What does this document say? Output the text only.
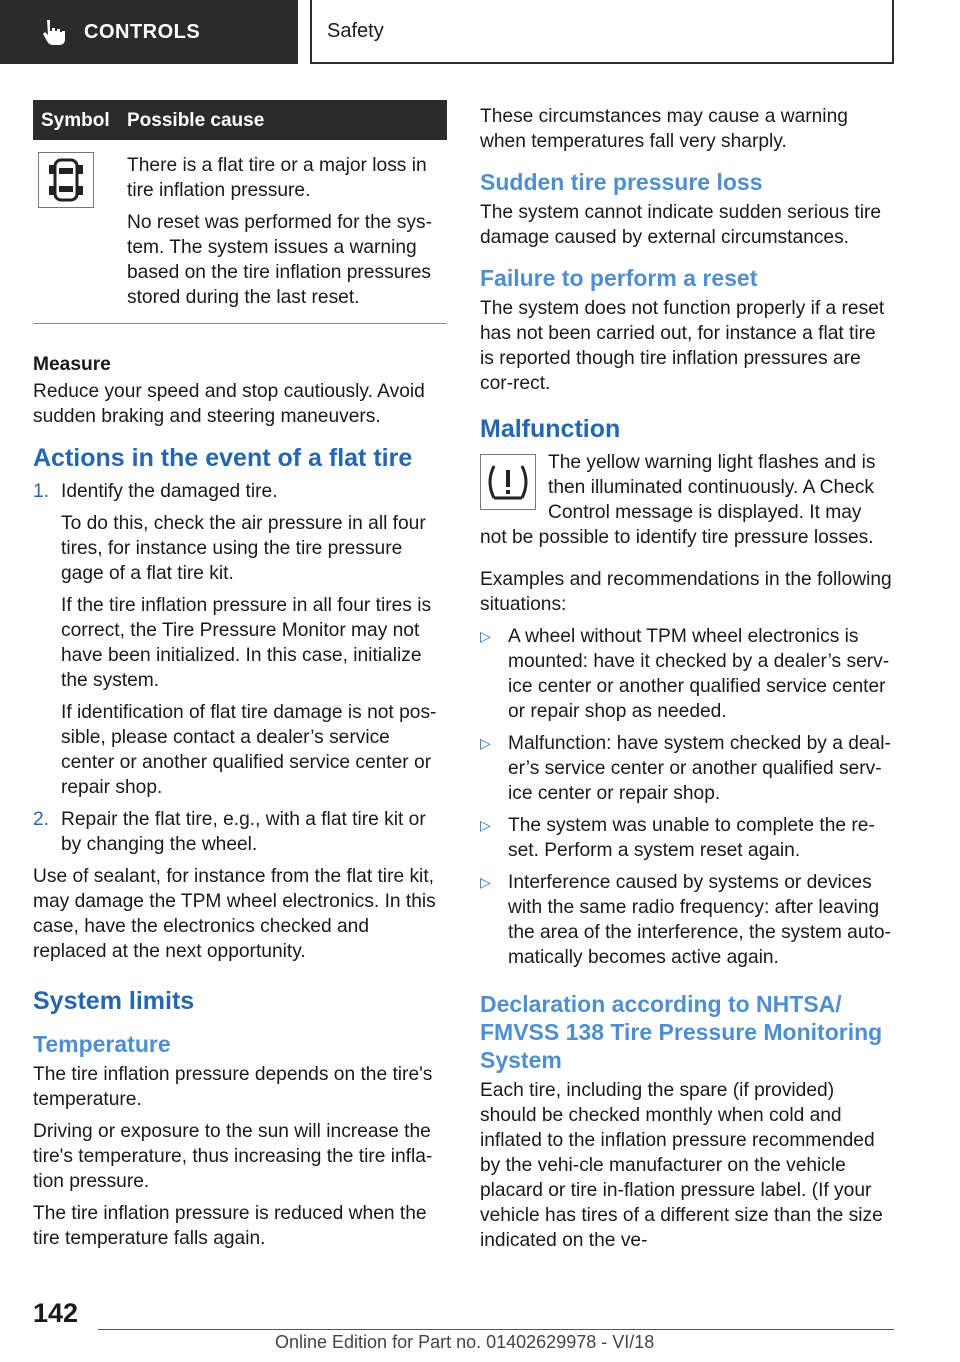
CONTROLS	Safety
Symbol	Possible cause

There is a flat tire or a major loss in tire inflation pressure.

No reset was performed for the sys-tem. The system issues a warning based on the tire inflation pressures stored during the last reset.

Measure

Reduce your speed and stop cautiously. Avoid sudden braking and steering maneuvers.

Actions in the event of a flat tire
1. Identify the damaged tire.

To do this, check the air pressure in all four tires, for instance using the tire pressure gage of a flat tire kit.

If the tire inflation pressure in all four tires is correct, the Tire Pressure Monitor may not have been initialized. In this case, initialize the system.

If identification of flat tire damage is not pos-sible, please contact a dealer’s service center or another qualified service center or repair shop.

2. Repair the flat tire, e.g., with a flat tire kit or by changing the wheel.

Use of sealant, for instance from the flat tire kit, may damage the TPM wheel electronics. In this case, have the electronics checked and replaced at the next opportunity.

System limits
Temperature

The tire inflation pressure depends on the tire's temperature.

Driving or exposure to the sun will increase the tire's temperature, thus increasing the tire infla-tion pressure.

The tire inflation pressure is reduced when the tire temperature falls again.

These circumstances may cause a warning when temperatures fall very sharply.

Sudden tire pressure loss

The system cannot indicate sudden serious tire damage caused by external circumstances.

Failure to perform a reset

The system does not function properly if a reset has not been carried out, for instance a flat tire is reported though tire inflation pressures are cor-rect.

Malfunction

The yellow warning light flashes and is then illuminated continuously. A Check Control message is displayed. It may not be possible to identify tire pressure losses.

Examples and recommendations in the following situations:

▷ A wheel without TPM wheel electronics is mounted: have it checked by a dealer’s serv-ice center or another qualified service center or repair shop as needed.
▷ Malfunction: have system checked by a deal-er’s service center or another qualified serv-ice center or repair shop.
▷ The system was unable to complete the re-set. Perform a system reset again.
▷ Interference caused by systems or devices with the same radio frequency: after leaving the area of the interference, the system auto-matically becomes active again.
Declaration according to NHTSA/ FMVSS 138 Tire Pressure Monitoring System

Each tire, including the spare (if provided) should be checked monthly when cold and inflated to the inflation pressure recommended by the vehi-cle manufacturer on the vehicle placard or tire in-flation pressure label. (If your vehicle has tires of a different size than the size indicated on the ve-

142
Online Edition for Part no. 01402629978 - VI/18
